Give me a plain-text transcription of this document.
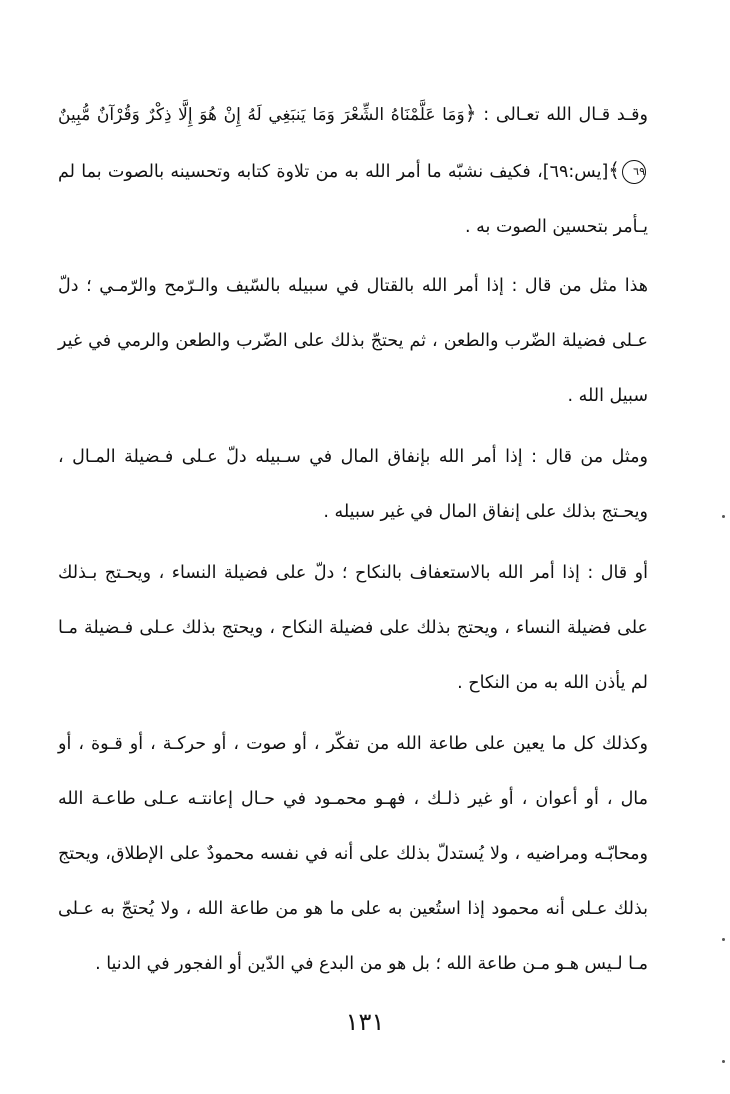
وقـد قـال الله تعـالى : ﴿وَمَا عَلَّمْنَاهُ الشِّعْرَ وَمَا يَنبَغِي لَهُ إِنْ هُوَ إِلَّا ذِكْرٌ وَقُرْآنٌ مُّبِينٌ ٦٩﴾[يس:٦٩]، فكيف نشبّه ما أمر الله به من تلاوة كتابه وتحسينه بالصوت بما لم يـأمر بتحسين الصوت به .

هذا مثل من قال : إذا أمر الله بالقتال في سبيله بالسّيف والـرّمح والرّمـي ؛ دلّ عـلى فضيلة الضّرب والطعن ، ثم يحتجّ بذلك على الضّرب والطعن والرمي في غير سبيل الله .

ومثل من قال : إذا أمر الله بإنفاق المال في سـبيله دلّ عـلى فـضيلة المـال ، ويحـتج بذلك على إنفاق المال في غير سبيله .

أو قال : إذا أمر الله بالاستعفاف بالنكاح ؛ دلّ على فضيلة النساء ، ويحـتج بـذلك على فضيلة النساء ، ويحتج بذلك على فضيلة النكاح ، ويحتج بذلك عـلى فـضيلة مـا لم يأذن الله به من النكاح .

وكذلك كل ما يعين على طاعة الله من تفكّر ، أو صوت ، أو حركـة ، أو قـوة ، أو مال ، أو أعوان ، أو غير ذلـك ، فهـو محمـود في حـال إعانتـه عـلى طاعـة الله ومحابّـه ومراضيه ، ولا يُستدلّ بذلك على أنه في نفسه محمودٌ على الإطلاق، ويحتج بذلك عـلى أنه محمود إذا استُعين به على ما هو من طاعة الله ، ولا يُحتجّ به عـلى مـا لـيس هـو مـن طاعة الله ؛ بل هو من البدع في الدّين أو الفجور في الدنيا .

١٣١
